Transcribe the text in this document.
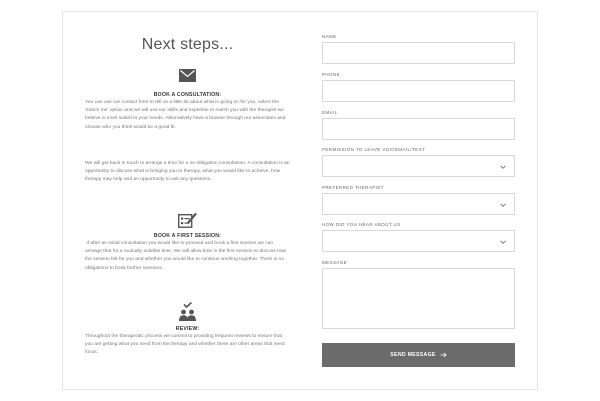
Next steps...
BOOK A CONSULTATION:

You can use our contact form to tell us a little bit about what is going on for you, select the 'match me' option and we will use our skills and expertise to match you with the therapist we believe is most suited to your needs. Alternatively have a browse through our associates and choose who you think would be a good fit.

We will get back in touch to arrange a time for a no-obligation consultation. A consultation is an opportunity to discuss what is bringing you to therapy, what you would like to achieve, how therapy may help and an opportunity to ask any questions.

BOOK A FIRST SESSION:

If after an initial consultation you would like to proceed and book a first session we can arrange that for a mutually suitable time. We will allow time in the first session to discuss how the session felt for you and whether you would like to continue working together. There is no obligations to book further sessions.

REVIEW:

Throughout the therapeutic process we commit to providing frequent reviews to ensure that you are getting what you need from the therapy and whether there are other areas that need focus.

NAME
PHONE
EMAIL
PERMISSION TO LEAVE VOICEMAIL/TEXT
PREFERRED THERAPIST
HOW DID YOU HEAR ABOUT US
MESSAGE
SEND MESSAGE
